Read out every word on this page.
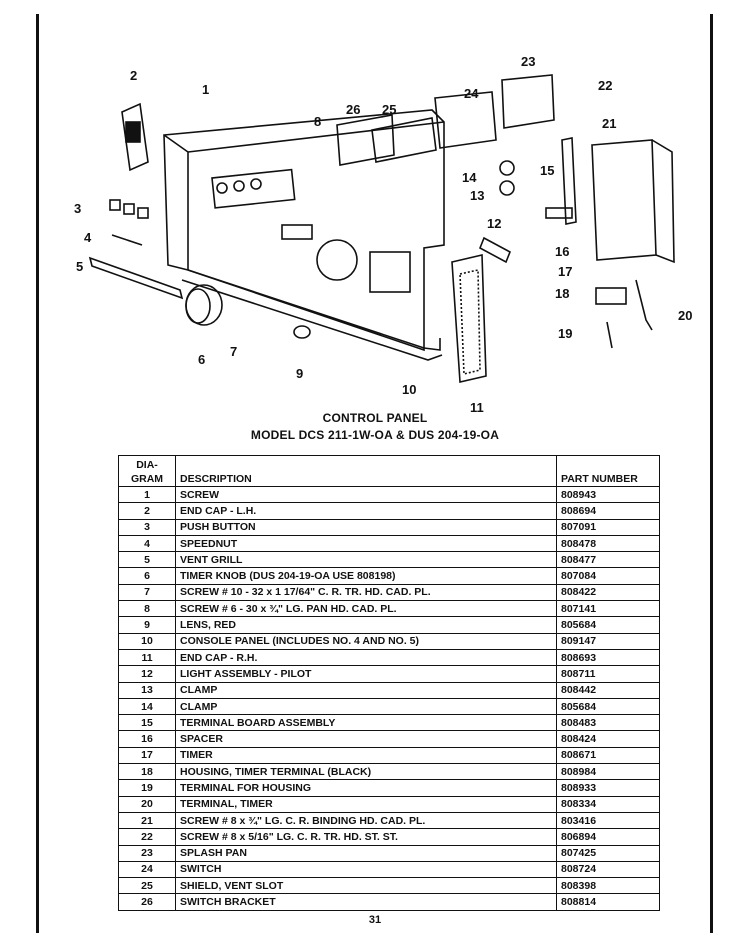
2
1
3
4
5
6
7
8
9
10
11
12
13
14	15
16
17
18
19
20
21
22
23
24
25
26
CONTROL PANEL
MODEL DCS 211-1W-OA & DUS 204-19-OA
DIA-
GRAM	DESCRIPTION	PART NUMBER
1	SCREW	808943
2	END CAP - L.H.	808694
3	PUSH BUTTON	807091
4	SPEEDNUT	808478
5	VENT GRILL	808477
6	TIMER KNOB (DUS 204-19-OA USE 808198)	807084
7	SCREW # 10 - 32 x 1 17/64" C. R. TR. HD. CAD. PL.	808422
8	SCREW # 6 - 30 x ¾" LG. PAN HD. CAD. PL.	807141
9	LENS, RED	805684
10	CONSOLE PANEL (INCLUDES NO. 4 AND NO. 5)	809147
11	END CAP - R.H.	808693
12	LIGHT ASSEMBLY - PILOT	808711
13	CLAMP	808442
14	CLAMP	805684
15	TERMINAL BOARD ASSEMBLY	808483
16	SPACER	808424
17	TIMER	808671
18	HOUSING, TIMER TERMINAL (BLACK)	808984
19	TERMINAL FOR HOUSING	808933
20	TERMINAL, TIMER	808334
21	SCREW # 8 x ¾" LG. C. R. BINDING HD. CAD. PL.	803416
22	SCREW # 8 x 5/16" LG. C. R. TR. HD. ST. ST.	806894
23	SPLASH PAN	807425
24	SWITCH	808724
25	SHIELD, VENT SLOT	808398
26	SWITCH BRACKET	808814
31
